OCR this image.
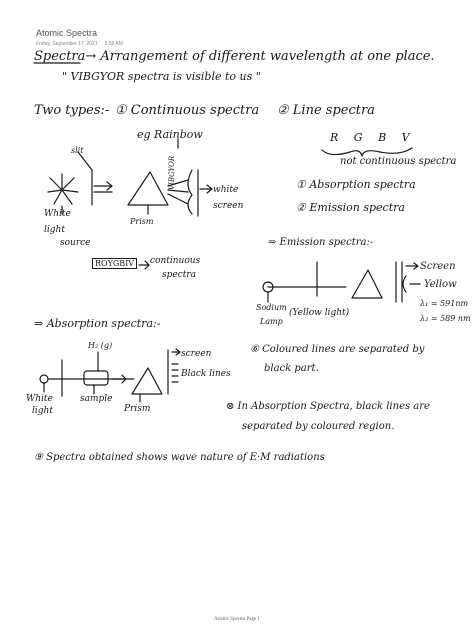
Atomic Spectra
Friday, September 17, 2021 5:58 AM
Spectra→ Arrangement of different wavelength at one place.
" VIBGYOR spectra is visible to us "
Two types:- ① Continuous spectra ② Line spectra
eg Rainbow	R G B V
not continuous spectra
① Absorption spectra
② Emission spectra
slit
White
light
source
VIBGYOR	white
screen
Prism
ROYGBIV	continuous
spectra
⇒ Emission spectra:-
Sodium
Lamp
(Yellow light)
Screen
Yellow
λ₁ = 591nm
λ₂ = 589 nm
⇒ Absorption spectra:-
H₂ (g)
screen
Black lines
White
light
sample
Prism
⑥ Coloured lines are separated by
black part.
⊗ In Absorption Spectra, black lines are
separated by coloured region.
⑨ Spectra obtained shows wave nature of E·M radiations
Atomic Spectra Page 1
